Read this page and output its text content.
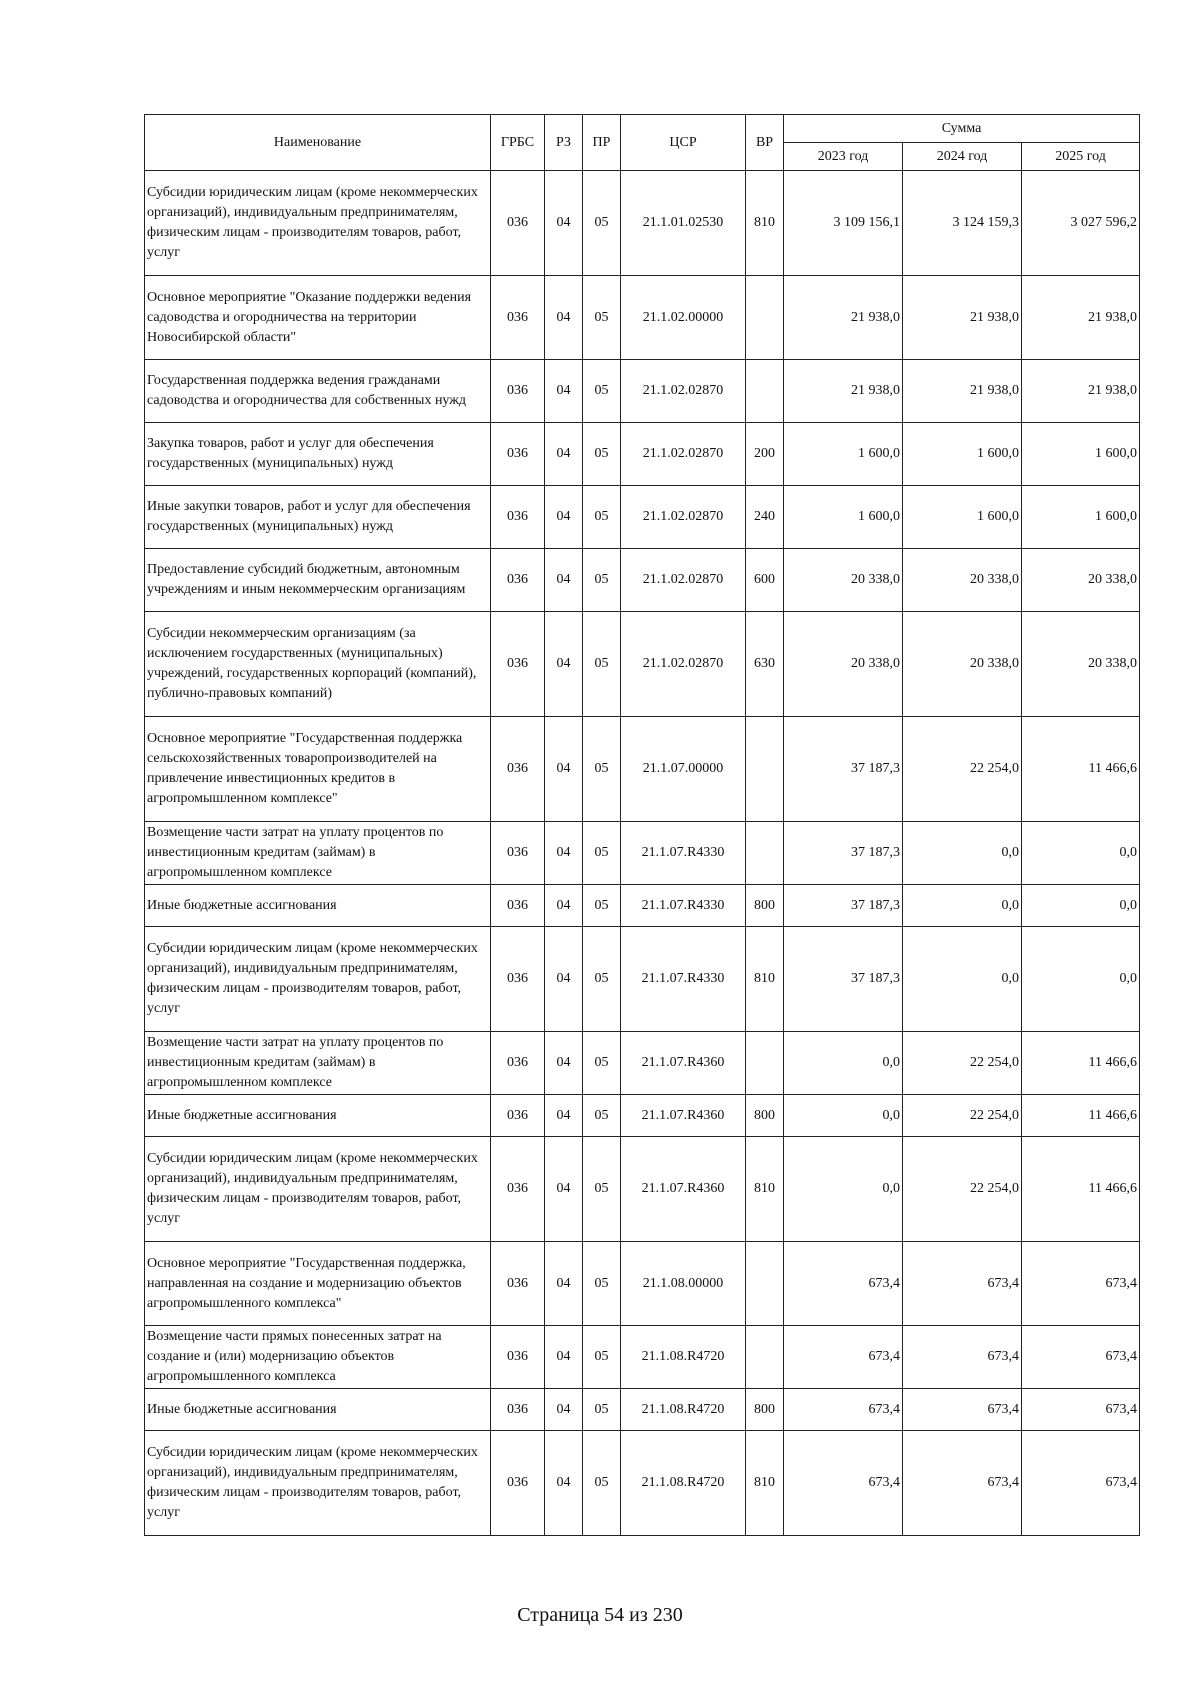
Наименование	ГРБС	РЗ	ПР	ЦСР	ВР	Сумма		
						2023 год	2024 год	2025 год
Субсидии юридическим лицам (кроме некоммерческих организаций), индивидуальным предпринимателям, физическим лицам - производителям товаров, работ, услуг	036	04	05	21.1.01.02530	810	3 109 156,1	3 124 159,3	3 027 596,2
Основное мероприятие "Оказание поддержки ведения садоводства и огородничества на территории Новосибирской области"	036	04	05	21.1.02.00000		21 938,0	21 938,0	21 938,0
Государственная поддержка ведения гражданами садоводства и огородничества для собственных нужд	036	04	05	21.1.02.02870		21 938,0	21 938,0	21 938,0
Закупка товаров, работ и услуг для обеспечения государственных (муниципальных) нужд	036	04	05	21.1.02.02870	200	1 600,0	1 600,0	1 600,0
Иные закупки товаров, работ и услуг для обеспечения государственных (муниципальных) нужд	036	04	05	21.1.02.02870	240	1 600,0	1 600,0	1 600,0
Предоставление субсидий бюджетным, автономным учреждениям и иным некоммерческим организациям	036	04	05	21.1.02.02870	600	20 338,0	20 338,0	20 338,0
Субсидии некоммерческим организациям (за исключением государственных (муниципальных) учреждений, государственных корпораций (компаний), публично-правовых компаний)	036	04	05	21.1.02.02870	630	20 338,0	20 338,0	20 338,0
Основное мероприятие "Государственная поддержка сельскохозяйственных товаропроизводителей на привлечение инвестиционных кредитов в агропромышленном комплексе"	036	04	05	21.1.07.00000		37 187,3	22 254,0	11 466,6
Возмещение части затрат на уплату процентов по инвестиционным кредитам (займам) в агропромышленном комплексе	036	04	05	21.1.07.R4330		37 187,3	0,0	0,0
Иные бюджетные ассигнования	036	04	05	21.1.07.R4330	800	37 187,3	0,0	0,0
Субсидии юридическим лицам (кроме некоммерческих организаций), индивидуальным предпринимателям, физическим лицам - производителям товаров, работ, услуг	036	04	05	21.1.07.R4330	810	37 187,3	0,0	0,0
Возмещение части затрат на уплату процентов по инвестиционным кредитам (займам) в агропромышленном комплексе	036	04	05	21.1.07.R4360		0,0	22 254,0	11 466,6
Иные бюджетные ассигнования	036	04	05	21.1.07.R4360	800	0,0	22 254,0	11 466,6
Субсидии юридическим лицам (кроме некоммерческих организаций), индивидуальным предпринимателям, физическим лицам - производителям товаров, работ, услуг	036	04	05	21.1.07.R4360	810	0,0	22 254,0	11 466,6
Основное мероприятие "Государственная поддержка, направленная на создание и модернизацию объектов агропромышленного комплекса"	036	04	05	21.1.08.00000		673,4	673,4	673,4
Возмещение части прямых понесенных затрат на создание и (или) модернизацию объектов агропромышленного комплекса	036	04	05	21.1.08.R4720		673,4	673,4	673,4
Иные бюджетные ассигнования	036	04	05	21.1.08.R4720	800	673,4	673,4	673,4
Субсидии юридическим лицам (кроме некоммерческих организаций), индивидуальным предпринимателям, физическим лицам - производителям товаров, работ, услуг	036	04	05	21.1.08.R4720	810	673,4	673,4	673,4
Страница 54 из 230
